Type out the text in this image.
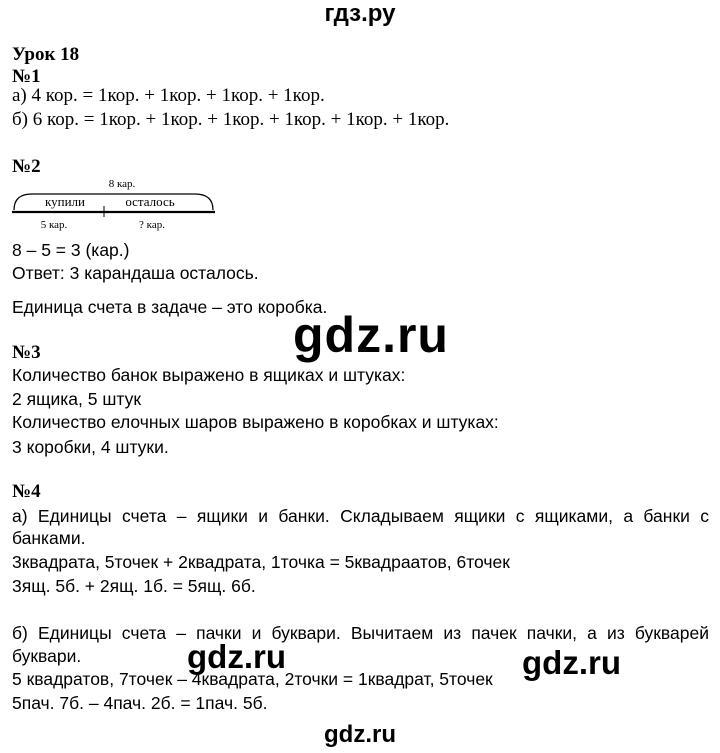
гдз.ру
Урок 18
№1
а) 4 кор. = 1кор. + 1кор. + 1кор. + 1кор.
б) 6 кор. = 1кор. + 1кор. + 1кор. + 1кор. + 1кор. + 1кор.
№2
8 кар.
купили	осталось
5 кар.	? кар.
8 – 5 = 3 (кар.)
Ответ: 3 карандаша осталось.
Единица счета в задаче – это коробка.
gdz.ru
№3
Количество банок выражено в ящиках и штуках:
2 ящика, 5 штук
Количество елочных шаров выражено в коробках и штуках:
3 коробки, 4 штуки.
№4
а) Единицы счета – ящики и банки. Складываем ящики с ящиками, а банки с
банками.
3квадрата, 5точек + 2квадрата, 1точка = 5квадраатов, 6точек
3ящ. 5б. + 2ящ. 1б. = 5ящ. 6б.
б) Единицы счета – пачки и буквари. Вычитаем из пачек пачки, а из букварей
буквари.	gdz.ru	gdz.ru
5 квадратов, 7точек – 4квадрата, 2точки = 1квадрат, 5точек
5пач. 7б. – 4пач. 2б. = 1пач. 5б.
gdz.ru
